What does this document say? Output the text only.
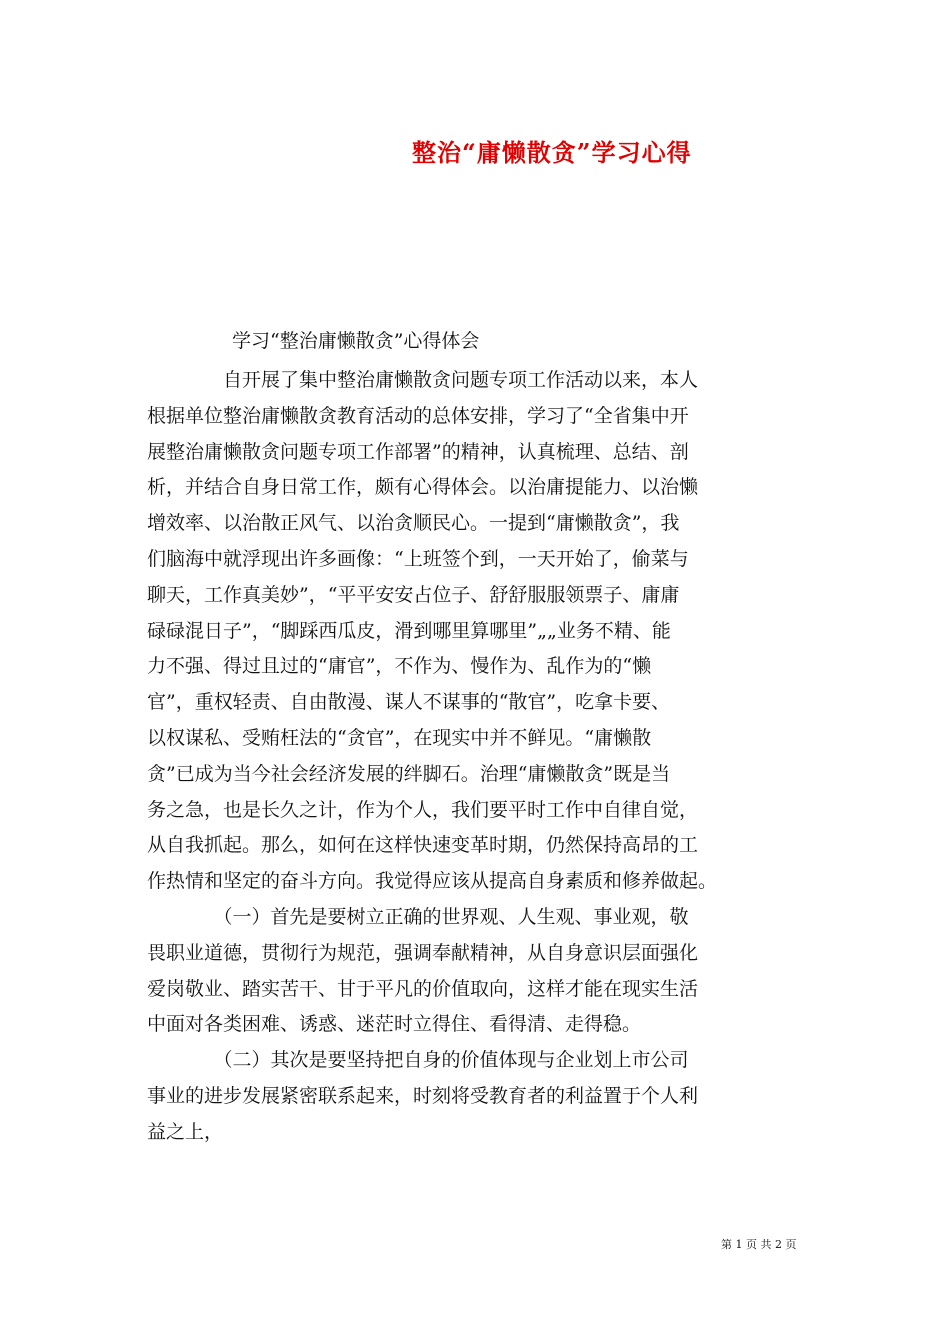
整治“庸懒散贪”学习心得
学习“整治庸懒散贪”心得体会

　　　　自开展了集中整治庸懒散贪问题专项工作活动以来，本人
根据单位整治庸懒散贪教育活动的总体安排，学习了“全省集中开
展整治庸懒散贪问题专项工作部署”的精神，认真梳理、总结、剖
析，并结合自身日常工作，颇有心得体会。以治庸提能力、以治懒
增效率、以治散正风气、以治贪顺民心。一提到“庸懒散贪”，我
们脑海中就浮现出许多画像：“上班签个到，一天开始了，偷菜与
聊天，工作真美妙”，“平平安安占位子、舒舒服服领票子、庸庸
碌碌混日子”，“脚踩西瓜皮，滑到哪里算哪里”„„业务不精、能
力不强、得过且过的“庸官”，不作为、慢作为、乱作为的“懒
官”，重权轻责、自由散漫、谋人不谋事的“散官”，吃拿卡要、
以权谋私、受贿枉法的“贪官”，在现实中并不鲜见。“庸懒散
贪”已成为当今社会经济发展的绊脚石。治理“庸懒散贪”既是当
务之急，也是长久之计，作为个人，我们要平时工作中自律自觉，
从自我抓起。那么，如何在这样快速变革时期，仍然保持高昂的工
作热情和坚定的奋斗方向。我觉得应该从提高自身素质和修养做起。

　　　　（一）首先是要树立正确的世界观、人生观、事业观，敬
畏职业道德，贯彻行为规范，强调奉献精神，从自身意识层面强化
爱岗敬业、踏实苦干、甘于平凡的价值取向，这样才能在现实生活
中面对各类困难、诱惑、迷茫时立得住、看得清、走得稳。

　　　　（二）其次是要坚持把自身的价值体现与企业划上市公司
事业的进步发展紧密联系起来，时刻将受教育者的利益置于个人利
益之上，

第 1 页 共 2 页
